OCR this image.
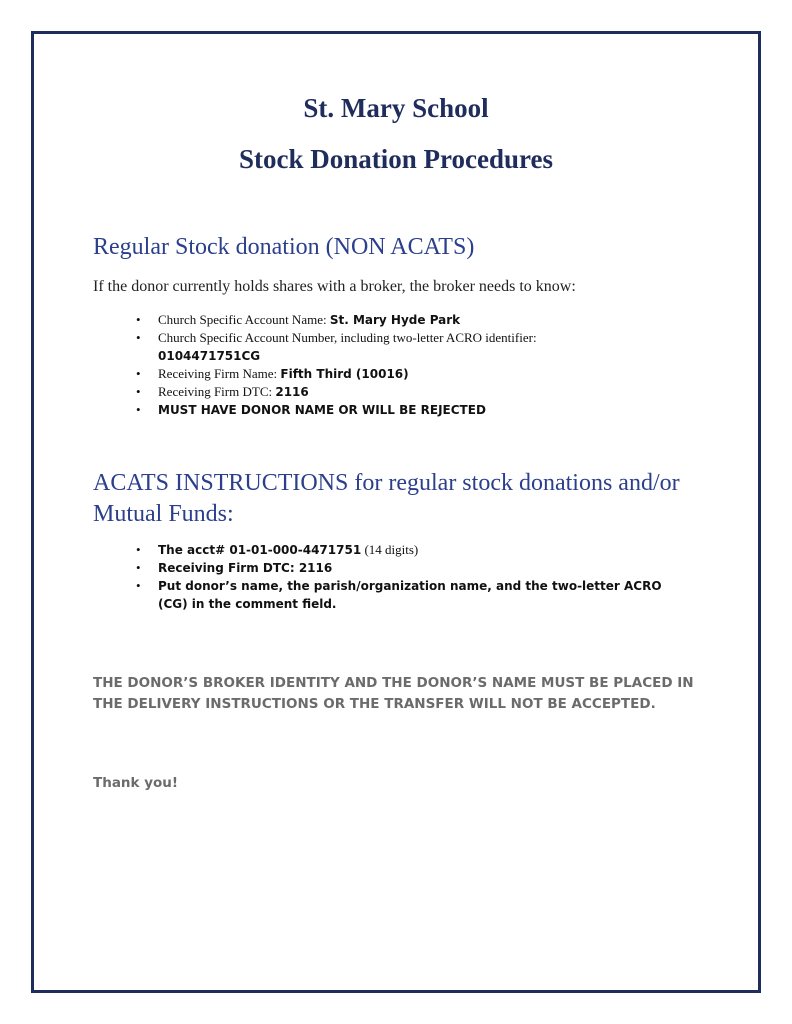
St. Mary School
Stock Donation Procedures
Regular Stock donation (NON ACATS)

If the donor currently holds shares with a broker, the broker needs to know:

• Church Specific Account Name: St. Mary Hyde Park
• Church Specific Account Number, including two-letter ACRO identifier: 0104471751CG
• Receiving Firm Name: Fifth Third (10016)
• Receiving Firm DTC: 2116
• MUST HAVE DONOR NAME OR WILL BE REJECTED
ACATS INSTRUCTIONS for regular stock donations and/or Mutual Funds:
• The acct# 01-01-000-4471751 (14 digits)
• Receiving Firm DTC: 2116
• Put donor’s name, the parish/organization name, and the two-letter ACRO (CG) in the comment field.

THE DONOR’S BROKER IDENTITY AND THE DONOR’S NAME MUST BE PLACED IN THE DELIVERY INSTRUCTIONS OR THE TRANSFER WILL NOT BE ACCEPTED.

Thank you!
